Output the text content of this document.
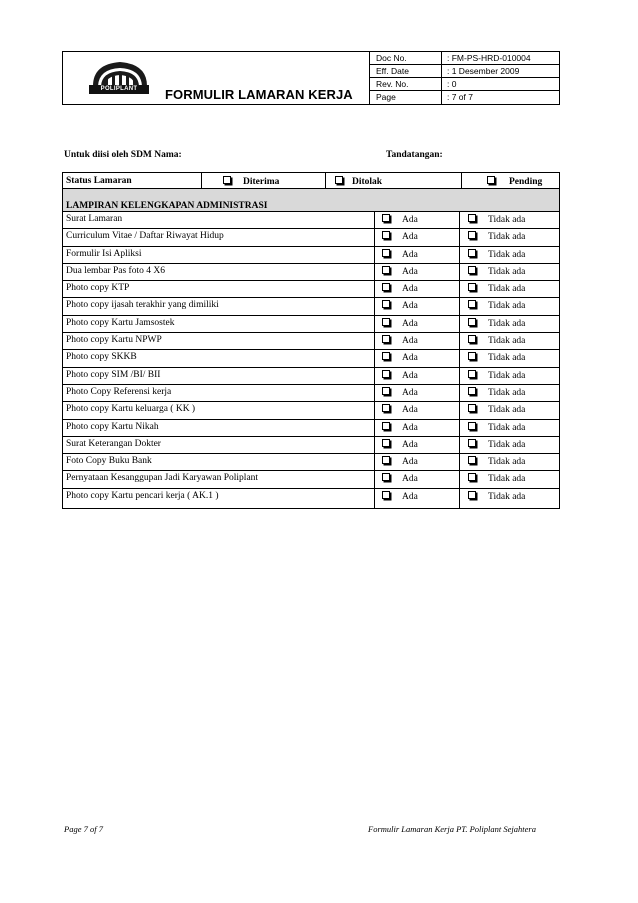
POLIPLANT	FORMULIR LAMARAN KERJA
Doc No.	: FM-PS-HRD-010004
Eff. Date	: 1 Desember 2009
Rev. No.	: 0
Page	: 7 of 7
Untuk diisi oleh SDM Nama:	Tandatangan:
Status Lamaran	Diterima	Ditolak	Pending
LAMPIRAN KELENGKAPAN ADMINISTRASI
Surat Lamaran	Ada	Tidak ada
Curriculum Vitae / Daftar Riwayat Hidup	Ada	Tidak ada
Formulir Isi Apliksi	Ada	Tidak ada
Dua lembar Pas foto 4 X6	Ada	Tidak ada
Photo copy KTP	Ada	Tidak ada
Photo copy ijasah terakhir yang dimiliki	Ada	Tidak ada
Photo copy Kartu Jamsostek	Ada	Tidak ada
Photo copy Kartu NPWP	Ada	Tidak ada
Photo copy SKKB	Ada	Tidak ada
Photo copy SIM /BI/ BII	Ada	Tidak ada
Photo Copy Referensi kerja	Ada	Tidak ada
Photo copy Kartu keluarga ( KK )	Ada	Tidak ada
Photo copy Kartu Nikah	Ada	Tidak ada
Surat Keterangan Dokter	Ada	Tidak ada
Foto Copy Buku Bank	Ada	Tidak ada
Pernyataan Kesanggupan Jadi Karyawan Poliplant	Ada	Tidak ada
Photo copy Kartu pencari kerja ( AK.1 )	Ada	Tidak ada
Page 7 of 7	Formulir Lamaran Kerja PT. Poliplant Sejahtera
